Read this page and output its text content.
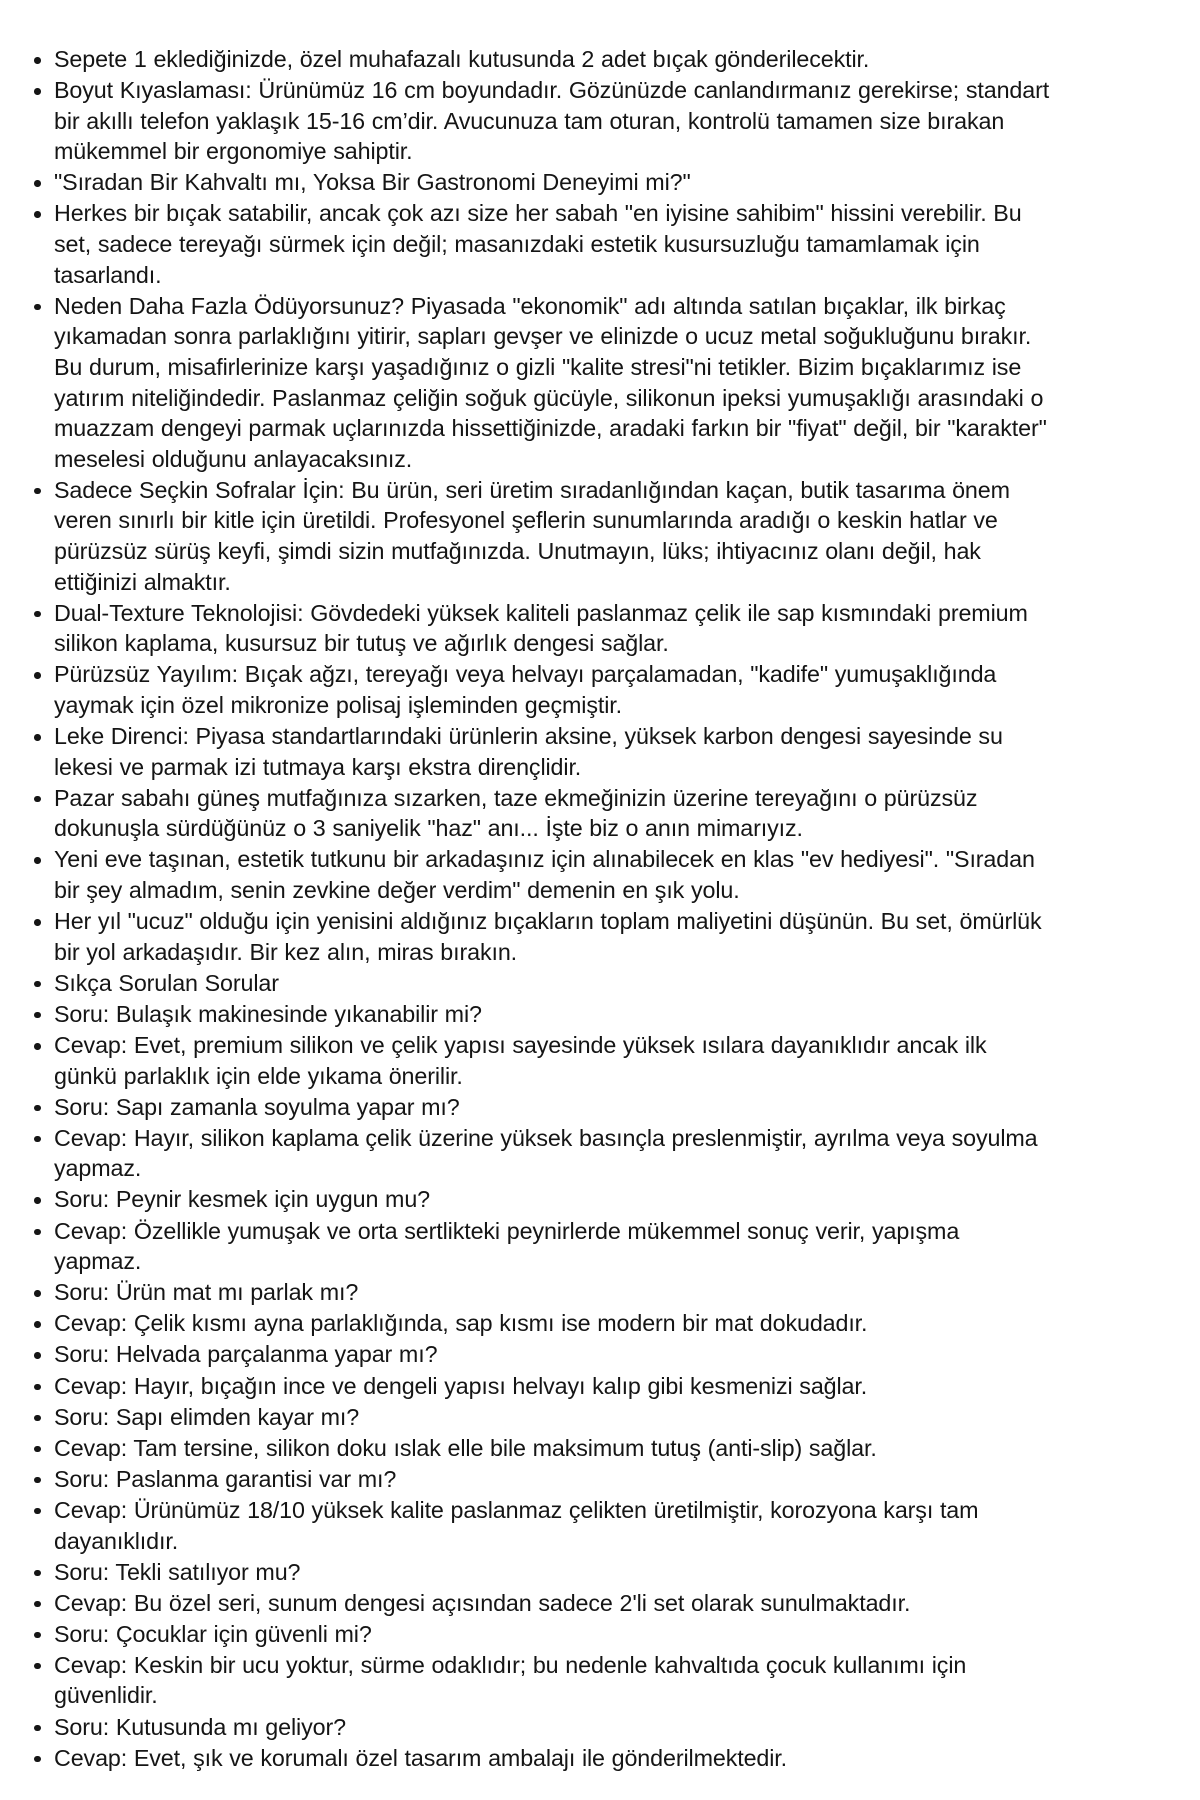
Sepete 1 eklediğinizde, özel muhafazalı kutusunda 2 adet bıçak gönderilecektir.
Boyut Kıyaslaması: Ürünümüz 16 cm boyundadır. Gözünüzde canlandırmanız gerekirse; standart bir akıllı telefon yaklaşık 15-16 cm’dir. Avucunuza tam oturan, kontrolü tamamen size bırakan mükemmel bir ergonomiye sahiptir.
"Sıradan Bir Kahvaltı mı, Yoksa Bir Gastronomi Deneyimi mi?"
Herkes bir bıçak satabilir, ancak çok azı size her sabah "en iyisine sahibim" hissini verebilir. Bu set, sadece tereyağı sürmek için değil; masanızdaki estetik kusursuzluğu tamamlamak için tasarlandı.
Neden Daha Fazla Ödüyorsunuz? Piyasada "ekonomik" adı altında satılan bıçaklar, ilk birkaç yıkamadan sonra parlaklığını yitirir, sapları gevşer ve elinizde o ucuz metal soğukluğunu bırakır. Bu durum, misafirlerinize karşı yaşadığınız o gizli "kalite stresi"ni tetikler. Bizim bıçaklarımız ise yatırım niteliğindedir. Paslanmaz çeliğin soğuk gücüyle, silikonun ipeksi yumuşaklığı arasındaki o muazzam dengeyi parmak uçlarınızda hissettiğinizde, aradaki farkın bir "fiyat" değil, bir "karakter" meselesi olduğunu anlayacaksınız.
Sadece Seçkin Sofralar İçin: Bu ürün, seri üretim sıradanlığından kaçan, butik tasarıma önem veren sınırlı bir kitle için üretildi. Profesyonel şeflerin sunumlarında aradığı o keskin hatlar ve pürüzsüz sürüş keyfi, şimdi sizin mutfağınızda. Unutmayın, lüks; ihtiyacınız olanı değil, hak ettiğinizi almaktır.
Dual-Texture Teknolojisi: Gövdedeki yüksek kaliteli paslanmaz çelik ile sap kısmındaki premium silikon kaplama, kusursuz bir tutuş ve ağırlık dengesi sağlar.
Pürüzsüz Yayılım: Bıçak ağzı, tereyağı veya helvayı parçalamadan, "kadife" yumuşaklığında yaymak için özel mikronize polisaj işleminden geçmiştir.
Leke Direnci: Piyasa standartlarındaki ürünlerin aksine, yüksek karbon dengesi sayesinde su lekesi ve parmak izi tutmaya karşı ekstra dirençlidir.
Pazar sabahı güneş mutfağınıza sızarken, taze ekmeğinizin üzerine tereyağını o pürüzsüz dokunuşla sürdüğünüz o 3 saniyelik "haz" anı... İşte biz o anın mimarıyız.
Yeni eve taşınan, estetik tutkunu bir arkadaşınız için alınabilecek en klas "ev hediyesi". "Sıradan bir şey almadım, senin zevkine değer verdim" demenin en şık yolu.
Her yıl "ucuz" olduğu için yenisini aldığınız bıçakların toplam maliyetini düşünün. Bu set, ömürlük bir yol arkadaşıdır. Bir kez alın, miras bırakın.
Sıkça Sorulan Sorular
Soru: Bulaşık makinesinde yıkanabilir mi?
Cevap: Evet, premium silikon ve çelik yapısı sayesinde yüksek ısılara dayanıklıdır ancak ilk günkü parlaklık için elde yıkama önerilir.
Soru: Sapı zamanla soyulma yapar mı?
Cevap: Hayır, silikon kaplama çelik üzerine yüksek basınçla preslenmiştir, ayrılma veya soyulma yapmaz.
Soru: Peynir kesmek için uygun mu?
Cevap: Özellikle yumuşak ve orta sertlikteki peynirlerde mükemmel sonuç verir, yapışma yapmaz.
Soru: Ürün mat mı parlak mı?
Cevap: Çelik kısmı ayna parlaklığında, sap kısmı ise modern bir mat dokudadır.
Soru: Helvada parçalanma yapar mı?
Cevap: Hayır, bıçağın ince ve dengeli yapısı helvayı kalıp gibi kesmenizi sağlar.
Soru: Sapı elimden kayar mı?
Cevap: Tam tersine, silikon doku ıslak elle bile maksimum tutuş (anti-slip) sağlar.
Soru: Paslanma garantisi var mı?
Cevap: Ürünümüz 18/10 yüksek kalite paslanmaz çelikten üretilmiştir, korozyona karşı tam dayanıklıdır.
Soru: Tekli satılıyor mu?
Cevap: Bu özel seri, sunum dengesi açısından sadece 2'li set olarak sunulmaktadır.
Soru: Çocuklar için güvenli mi?
Cevap: Keskin bir ucu yoktur, sürme odaklıdır; bu nedenle kahvaltıda çocuk kullanımı için güvenlidir.
Soru: Kutusunda mı geliyor?
Cevap: Evet, şık ve korumalı özel tasarım ambalajı ile gönderilmektedir.
